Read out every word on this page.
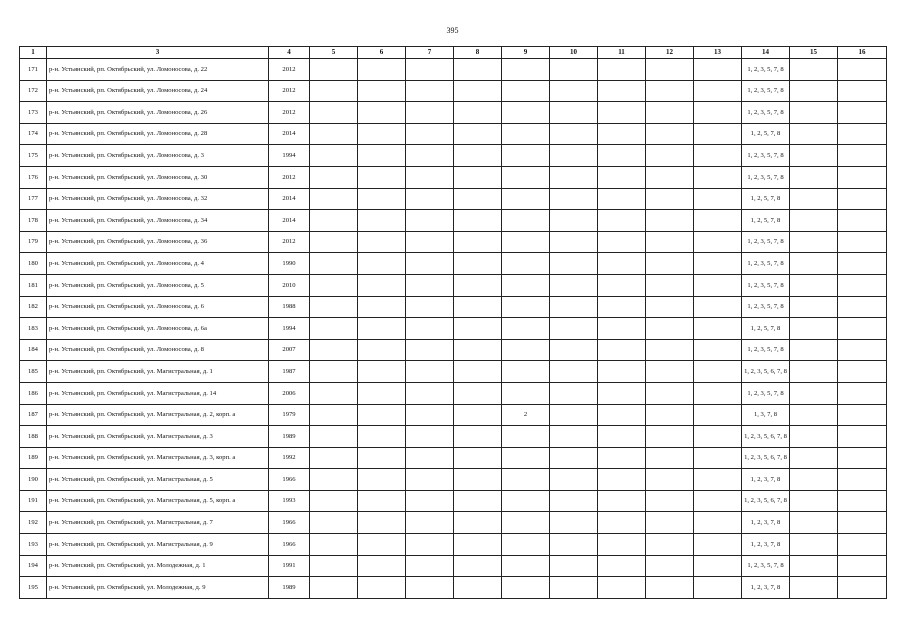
395
1	3	4	5	6	7	8	9	10	11	12	13	14	15	16
171	р-н. Устьянский, рп. Октябрьский, ул. Ломоносова, д. 22	2012										1, 2, 3, 5, 7, 8		
172	р-н. Устьянский, рп. Октябрьский, ул. Ломоносова, д. 24	2012										1, 2, 3, 5, 7, 8		
173	р-н. Устьянский, рп. Октябрьский, ул. Ломоносова, д. 26	2012										1, 2, 3, 5, 7, 8		
174	р-н. Устьянский, рп. Октябрьский, ул. Ломоносова, д. 28	2014										1, 2, 5, 7, 8		
175	р-н. Устьянский, рп. Октябрьский, ул. Ломоносова, д. 3	1994										1, 2, 3, 5, 7, 8		
176	р-н. Устьянский, рп. Октябрьский, ул. Ломоносова, д. 30	2012										1, 2, 3, 5, 7, 8		
177	р-н. Устьянский, рп. Октябрьский, ул. Ломоносова, д. 32	2014										1, 2, 5, 7, 8		
178	р-н. Устьянский, рп. Октябрьский, ул. Ломоносова, д. 34	2014										1, 2, 5, 7, 8		
179	р-н. Устьянский, рп. Октябрьский, ул. Ломоносова, д. 36	2012										1, 2, 3, 5, 7, 8		
180	р-н. Устьянский, рп. Октябрьский, ул. Ломоносова, д. 4	1990										1, 2, 3, 5, 7, 8		
181	р-н. Устьянский, рп. Октябрьский, ул. Ломоносова, д. 5	2010										1, 2, 3, 5, 7, 8		
182	р-н. Устьянский, рп. Октябрьский, ул. Ломоносова, д. 6	1988										1, 2, 3, 5, 7, 8		
183	р-н. Устьянский, рп. Октябрьский, ул. Ломоносова, д. 6а	1994										1, 2, 5, 7, 8		
184	р-н. Устьянский, рп. Октябрьский, ул. Ломоносова, д. 8	2007										1, 2, 3, 5, 7, 8		
185	р-н. Устьянский, рп. Октябрьский, ул. Магистральная, д. 1	1987										1, 2, 3, 5, 6, 7, 8		
186	р-н. Устьянский, рп. Октябрьский, ул. Магистральная, д. 14	2006										1, 2, 3, 5, 7, 8		
187	р-н. Устьянский, рп. Октябрьский, ул. Магистральная, д. 2, корп. а	1979					2					1, 3, 7, 8		
188	р-н. Устьянский, рп. Октябрьский, ул. Магистральная, д. 3	1989										1, 2, 3, 5, 6, 7, 8		
189	р-н. Устьянский, рп. Октябрьский, ул. Магистральная, д. 3, корп. а	1992										1, 2, 3, 5, 6, 7, 8		
190	р-н. Устьянский, рп. Октябрьский, ул. Магистральная, д. 5	1966										1, 2, 3, 7, 8		
191	р-н. Устьянский, рп. Октябрьский, ул. Магистральная, д. 5, корп. а	1993										1, 2, 3, 5, 6, 7, 8		
192	р-н. Устьянский, рп. Октябрьский, ул. Магистральная, д. 7	1966										1, 2, 3, 7, 8		
193	р-н. Устьянский, рп. Октябрьский, ул. Магистральная, д. 9	1966										1, 2, 3, 7, 8		
194	р-н. Устьянский, рп. Октябрьский, ул. Молодежная, д. 1	1991										1, 2, 3, 5, 7, 8		
195	р-н. Устьянский, рп. Октябрьский, ул. Молодежная, д. 9	1989										1, 2, 3, 7, 8		
